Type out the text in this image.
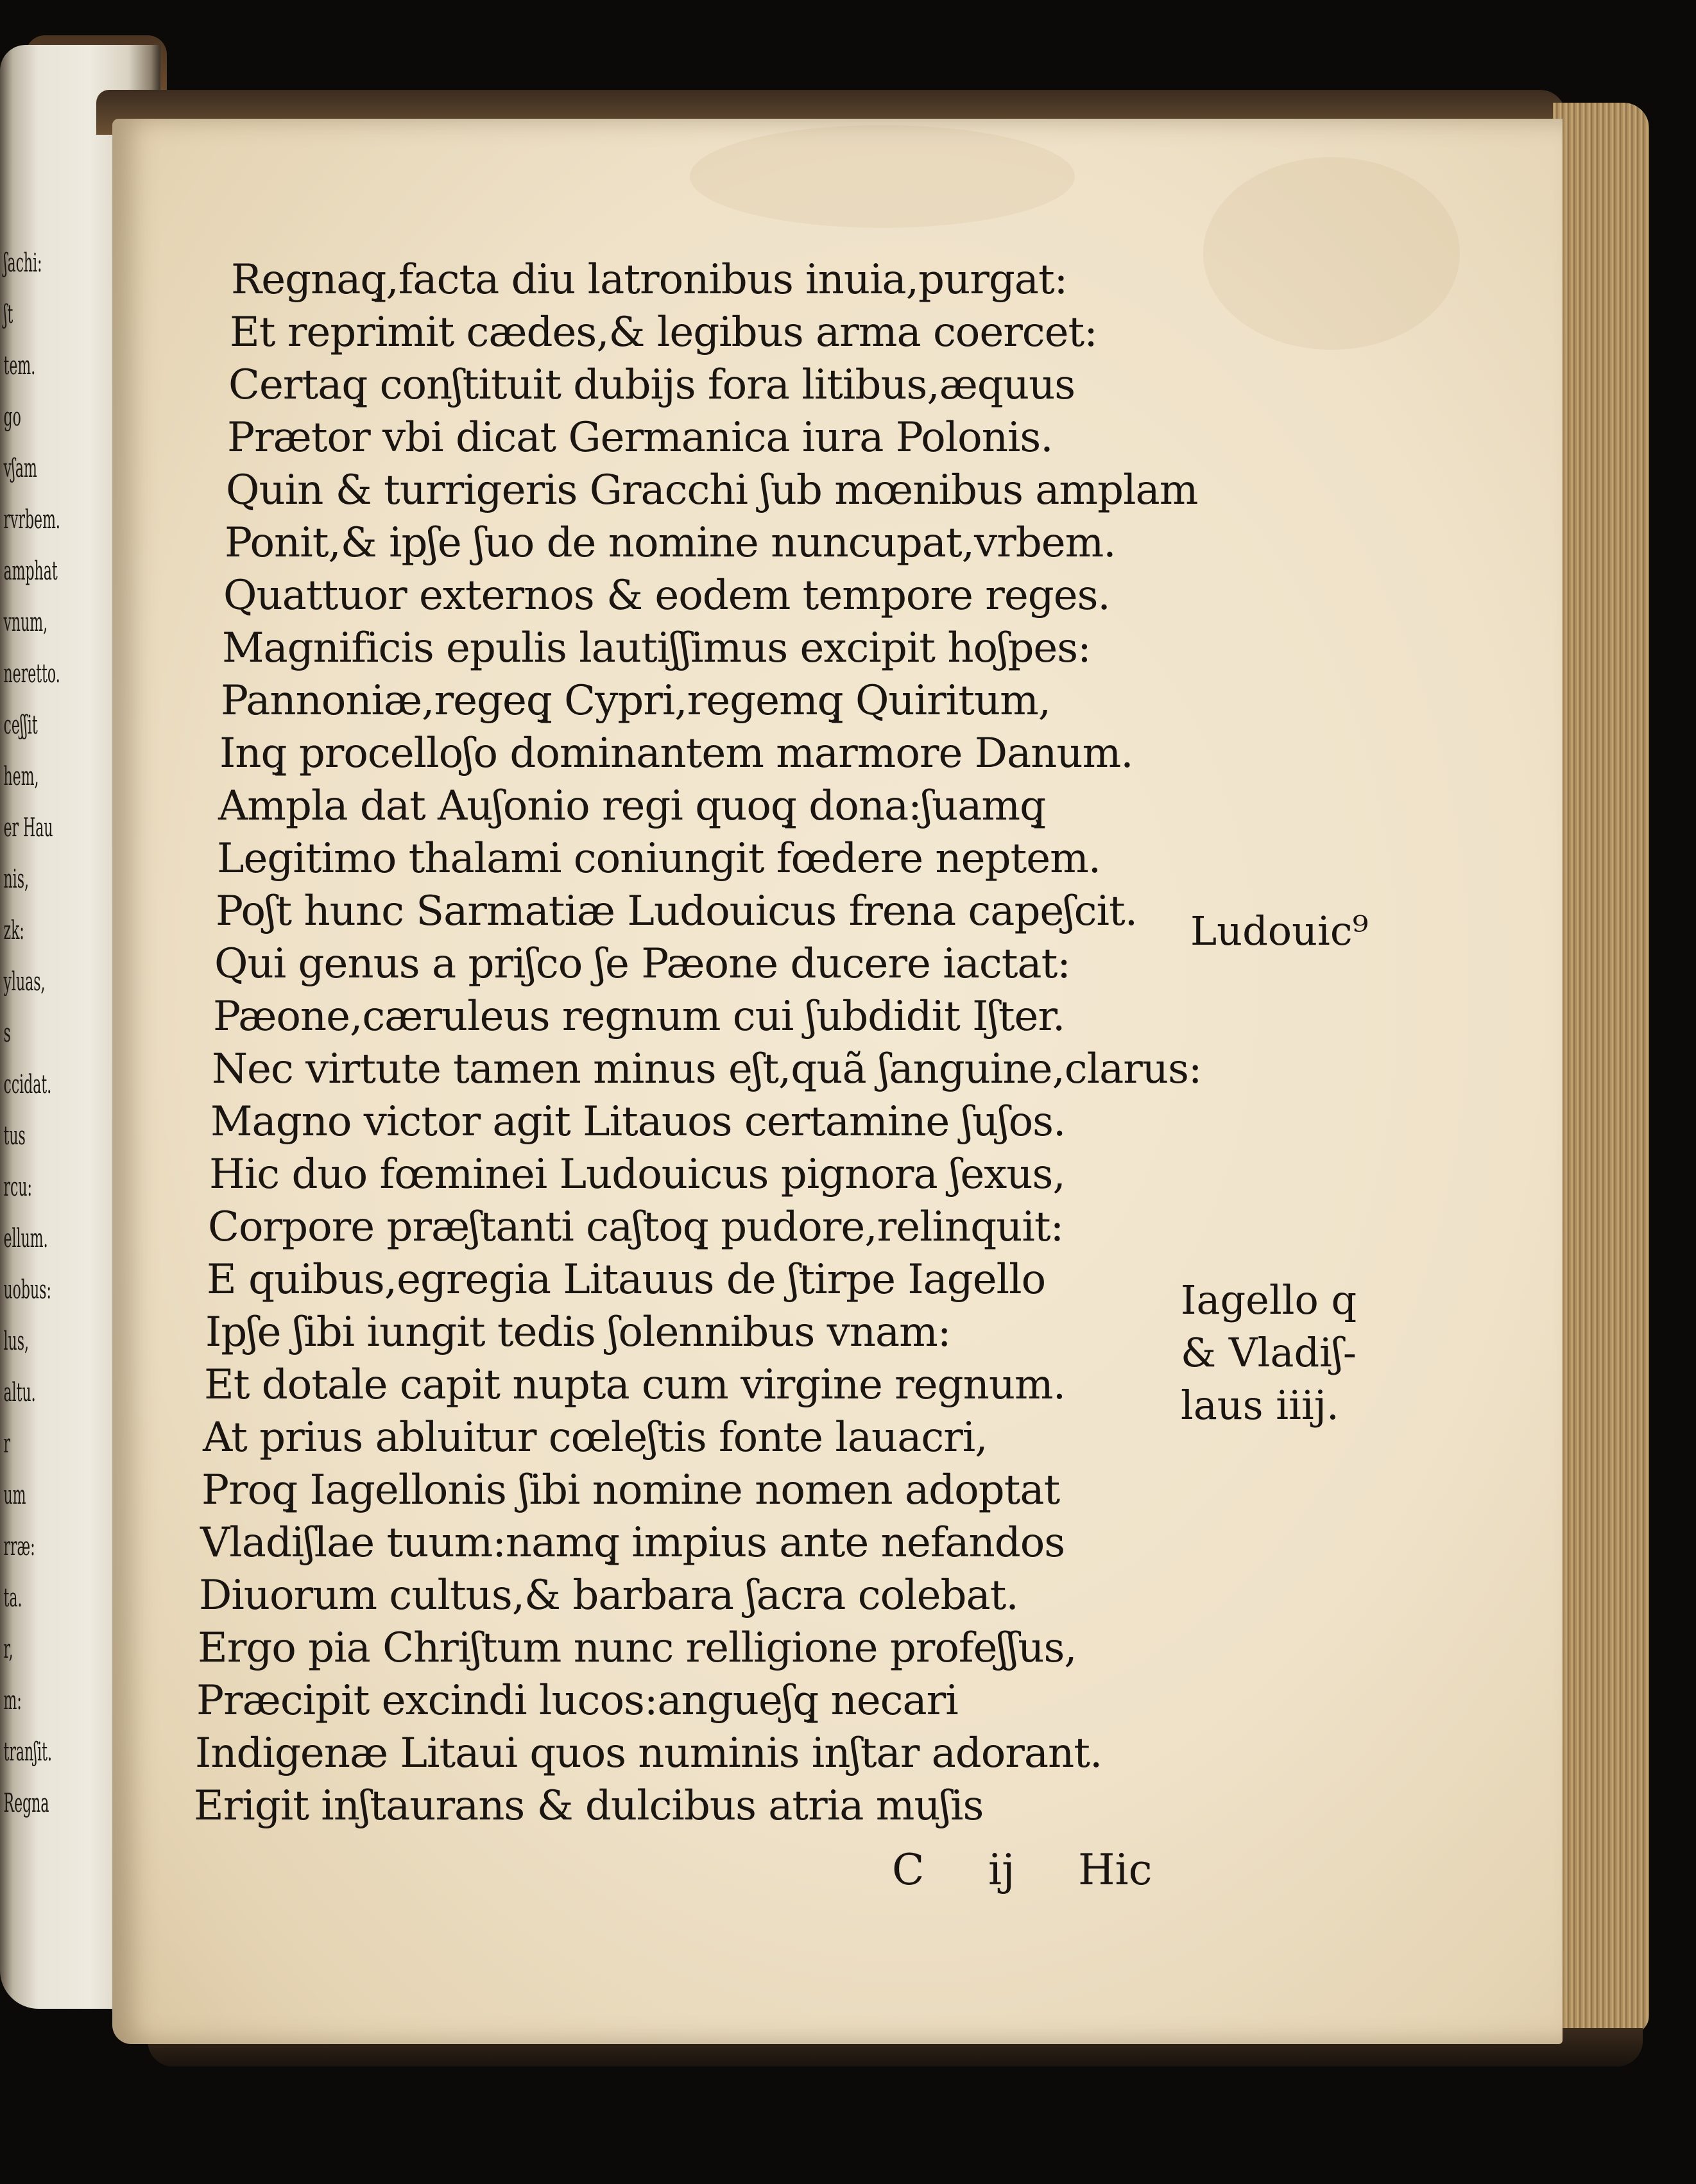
ʃachi:
ʃt
tem.
go
vʃam
rvrbem.
amphat
vnum,
neretto.
ceʃʃit
hem,
er Hau
nis,
zk:
yluas,
s
ccidat.
tus
rcu:
ellum.
uobus:
lus,
altu.
r
um
rræ:
ta.
r,
m:
tranʃit.
Regna
Regnaq̧,facta diu latronibus inuia,purgat:
Et reprimit cædes,& legibus arma coercet:
Certaq̧ conʃtituit dubijs fora litibus,æquus
Prætor vbi dicat Germanica iura Polonis.
Quin & turrigeris Gracchi ʃub mœnibus amplam
Ponit,& ipʃe ʃuo de nomine nuncupat,vrbem.
Quattuor externos & eodem tempore reges.
Magnificis epulis lautiʃʃimus excipit hoʃpes:
Pannoniæ,regeq̧ Cypri,regemq̧ Quiritum,
Inq̧ procelloʃo dominantem marmore Danum.
Ampla dat Auʃonio regi quoq̧ dona:ʃuamq̧
Legitimo thalami coniungit fœdere neptem.
Poʃt hunc Sarmatiæ Ludouicus frena capeʃcit.
Qui genus a priʃco ʃe Pæone ducere iactat:
Pæone,cæruleus regnum cui ʃubdidit Iʃter.
Nec virtute tamen minus eʃt,quã ʃanguine,clarus:
Magno victor agit Litauos certamine ʃuʃos.
Hic duo fœminei Ludouicus pignora ʃexus,
Corpore præʃtanti caʃtoq̧ pudore,relinquit:
E quibus,egregia Litauus de ʃtirpe Iagello
Ipʃe ʃibi iungit tedis ʃolennibus vnam:
Et dotale capit nupta cum virgine regnum.
At prius abluitur cœleʃtis fonte lauacri,
Proq̧ Iagellonis ʃibi nomine nomen adoptat
Vladiʃlae tuum:namq̧ impius ante nefandos
Diuorum cultus,& barbara ʃacra colebat.
Ergo pia Chriʃtum nunc relligione profeʃʃus,
Præcipit excindi lucos:angueʃq̧ necari
Indigenæ Litaui quos numinis inʃtar adorant.
Erigit inʃtaurans & dulcibus atria muʃis
Ludouic⁹
Iagello q
& Vladiʃ-
laus iiij.
C ij Hic
